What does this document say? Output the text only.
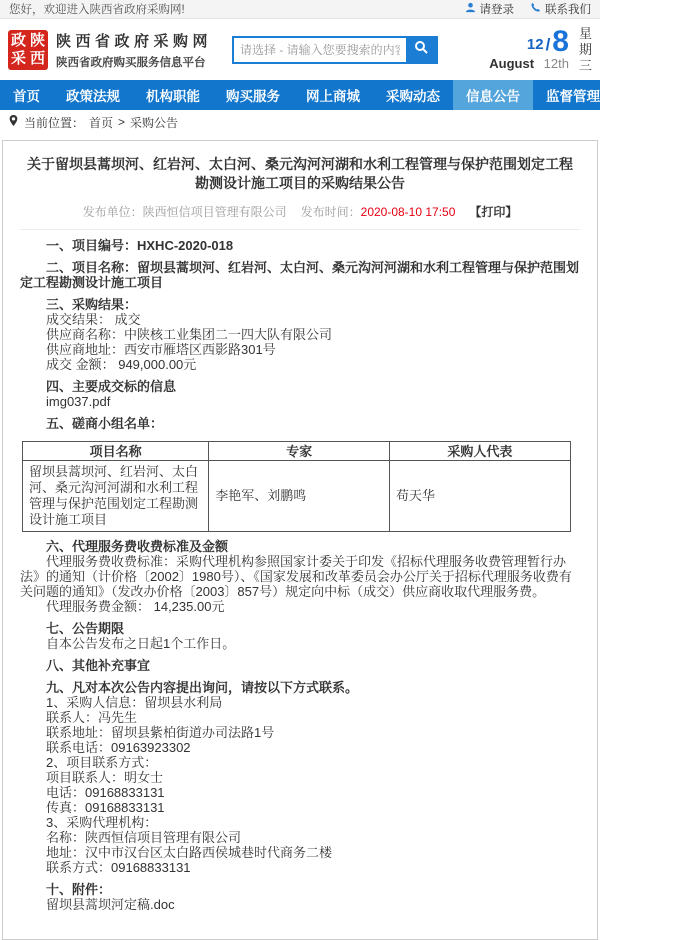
您好，欢迎进入陕西省政府采购网!	请登录	联系我们
政 陕
采 西
陕西省政府采购网
陕西省政府购买服务信息平台
请选择 - 请输入您要搜索的内容
12 / 8
August 12th
星
期
三
首页	政策法规	机构职能	购买服务	网上商城	采购动态	信息公告	监督管理	服务专区
当前位置： 首页 > 采购公告
关于留坝县蒿坝河、红岩河、太白河、桑元沟河河湖和水利工程管理与保护范围划定工程勘测设计施工项目的采购结果公告
发布单位：陕西恒信项目管理有限公司 发布时间：2020-08-10 17:50 【打印】
一、项目编号：HXHC-2020-018
二、项目名称：留坝县蒿坝河、红岩河、太白河、桑元沟河河湖和水利工程管理与保护范围划定工程勘测设计施工项目
三、采购结果：
成交结果： 成交
供应商名称：中陕核工业集团二一四大队有限公司
供应商地址：西安市雁塔区西影路301号
成交 金额： 949,000.00元
四、主要成交标的信息
img037.pdf
五、磋商小组名单：
项目名称	专家	采购人代表
留坝县蒿坝河、红岩河、太白河、桑元沟河河湖和水利工程管理与保护范围划定工程勘测设计施工项目	李艳军、刘鹏鸣	苟天华
六、代理服务费收费标准及金额
代理服务费收费标准：采购代理机构参照国家计委关于印发《招标代理服务收费管理暂行办法》的通知（计价格〔2002〕1980号）、《国家发展和改革委员会办公厅关于招标代理服务收费有关问题的通知》（发改办价格〔2003〕857号）规定向中标（成交）供应商收取代理服务费。
代理服务费金额： 14,235.00元
七、公告期限
自本公告发布之日起1个工作日。
八、其他补充事宜
九、凡对本次公告内容提出询问，请按以下方式联系。
1、采购人信息：留坝县水利局
联系人：冯先生
联系地址：留坝县紫柏街道办司法路1号
联系电话：09163923302
2、项目联系方式：
项目联系人：明女士
电话：09168833131
传真：09168833131
3、采购代理机构：
名称：陕西恒信项目管理有限公司
地址：汉中市汉台区太白路西侯城巷时代商务二楼
联系方式：09168833131
十、附件：
留坝县蒿坝河定稿.doc
